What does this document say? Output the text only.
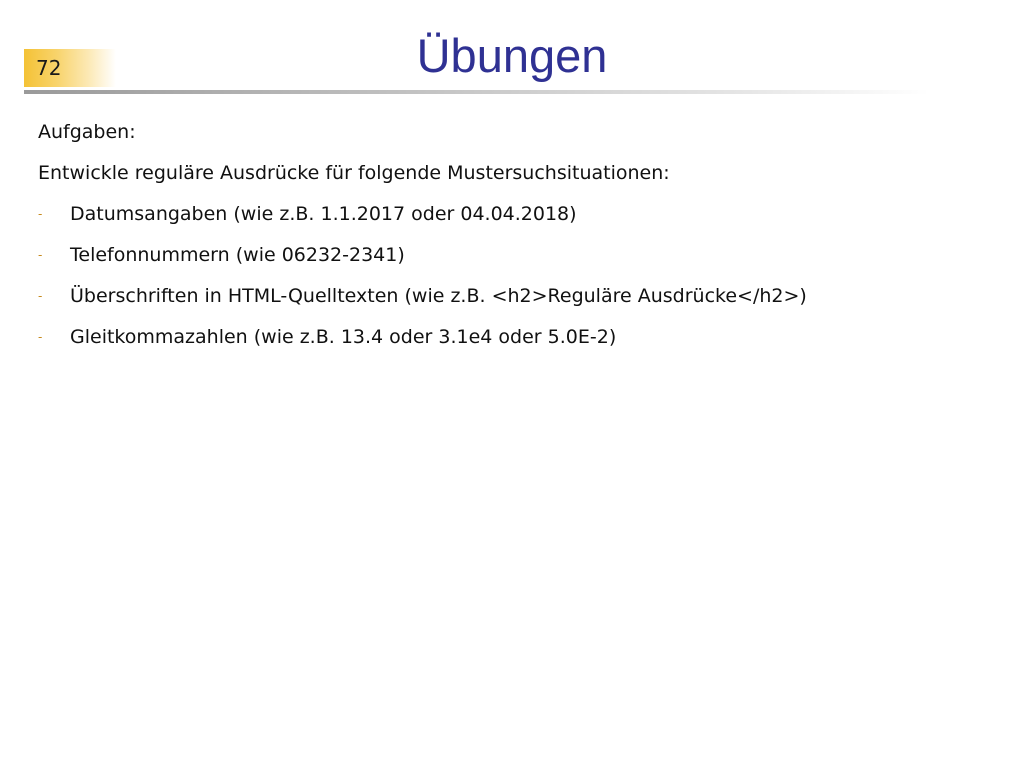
72	Übungen

Aufgaben:

Entwickle reguläre Ausdrücke für folgende Mustersuchsituationen:

- Datumsangaben (wie z.B. 1.1.2017 oder 04.04.2018)
- Telefonnummern (wie 06232-2341)
- Überschriften in HTML-Quelltexten (wie z.B. <h2>Reguläre Ausdrücke</h2>)
- Gleitkommazahlen (wie z.B. 13.4 oder 3.1e4 oder 5.0E-2)
